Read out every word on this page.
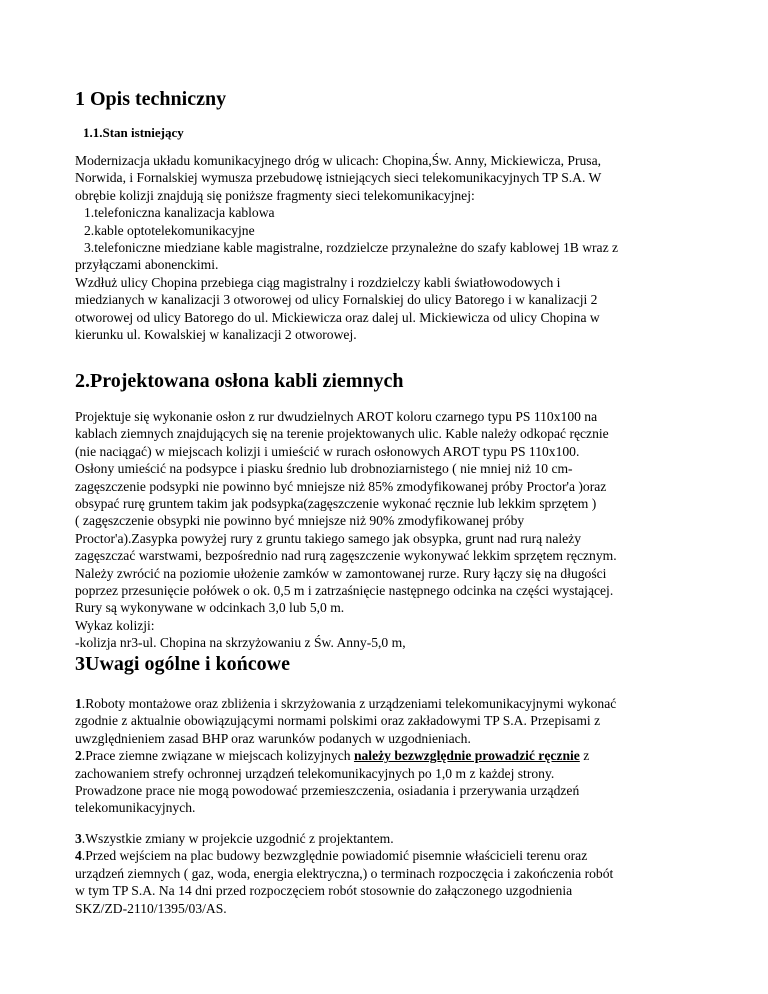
1 Opis techniczny
1.1.Stan istniejący
Modernizacja układu komunikacyjnego dróg w ulicach: Chopina,Św. Anny, Mickiewicza, Prusa,
Norwida, i Fornalskiej wymusza przebudowę istniejących sieci telekomunikacyjnych TP S.A. W
obrębie kolizji znajdują się poniższe fragmenty sieci telekomunikacyjnej:
1.telefoniczna kanalizacja kablowa
2.kable optotelekomunikacyjne
3.telefoniczne miedziane kable magistralne, rozdzielcze przynależne do szafy kablowej 1B wraz z
przyłączami abonenckimi.
Wzdłuż ulicy Chopina przebiega ciąg magistralny i rozdzielczy kabli światłowodowych i
miedzianych w kanalizacji 3 otworowej od ulicy Fornalskiej do ulicy Batorego i w kanalizacji 2
otworowej od ulicy Batorego do ul. Mickiewicza oraz dalej ul. Mickiewicza od ulicy Chopina w
kierunku ul. Kowalskiej w kanalizacji 2 otworowej.
2.Projektowana osłona kabli ziemnych
Projektuje się wykonanie osłon z rur dwudzielnych AROT koloru czarnego typu PS 110x100 na
kablach ziemnych znajdujących się na terenie projektowanych ulic. Kable należy odkopać ręcznie
(nie naciągać) w miejscach kolizji i umieścić w rurach osłonowych AROT typu PS 110x100.
Osłony umieścić na podsypce i piasku średnio lub drobnoziarnistego ( nie mniej niż 10 cm-
zagęszczenie podsypki nie powinno być mniejsze niż 85% zmodyfikowanej próby Proctor'a )oraz
obsypać rurę gruntem takim jak podsypka(zagęszczenie wykonać ręcznie lub lekkim sprzętem )
( zagęszczenie obsypki nie powinno być mniejsze niż 90% zmodyfikowanej próby
Proctor'a).Zasypka powyżej rury z gruntu takiego samego jak obsypka, grunt nad rurą należy
zagęszczać warstwami, bezpośrednio nad rurą zagęszczenie wykonywać lekkim sprzętem ręcznym.
Należy zwrócić na poziomie ułożenie zamków w zamontowanej rurze. Rury łączy się na długości
poprzez przesunięcie połówek o ok. 0,5 m i zatrzaśnięcie następnego odcinka na części wystającej.
Rury są wykonywane w odcinkach 3,0 lub 5,0 m.
Wykaz kolizji:
-kolizja nr3-ul. Chopina na skrzyżowaniu z Św. Anny-5,0 m,
3Uwagi ogólne i końcowe
1.Roboty montażowe oraz zbliżenia i skrzyżowania z urządzeniami telekomunikacyjnymi wykonać
zgodnie z aktualnie obowiązującymi normami polskimi oraz zakładowymi TP S.A. Przepisami z
uwzględnieniem zasad BHP oraz warunków podanych w uzgodnieniach.
2.Prace ziemne związane w miejscach kolizyjnych należy bezwzględnie prowadzić ręcznie z
zachowaniem strefy ochronnej urządzeń telekomunikacyjnych po 1,0 m z każdej strony.
Prowadzone prace nie mogą powodować przemieszczenia, osiadania i przerywania urządzeń
telekomunikacyjnych.
3.Wszystkie zmiany w projekcie uzgodnić z projektantem.
4.Przed wejściem na plac budowy bezwzględnie powiadomić pisemnie właścicieli terenu oraz
urządzeń ziemnych ( gaz, woda, energia elektryczna,) o terminach rozpoczęcia i zakończenia robót
w tym TP S.A. Na 14 dni przed rozpoczęciem robót stosownie do załączonego uzgodnienia
SKZ/ZD-2110/1395/03/AS.
